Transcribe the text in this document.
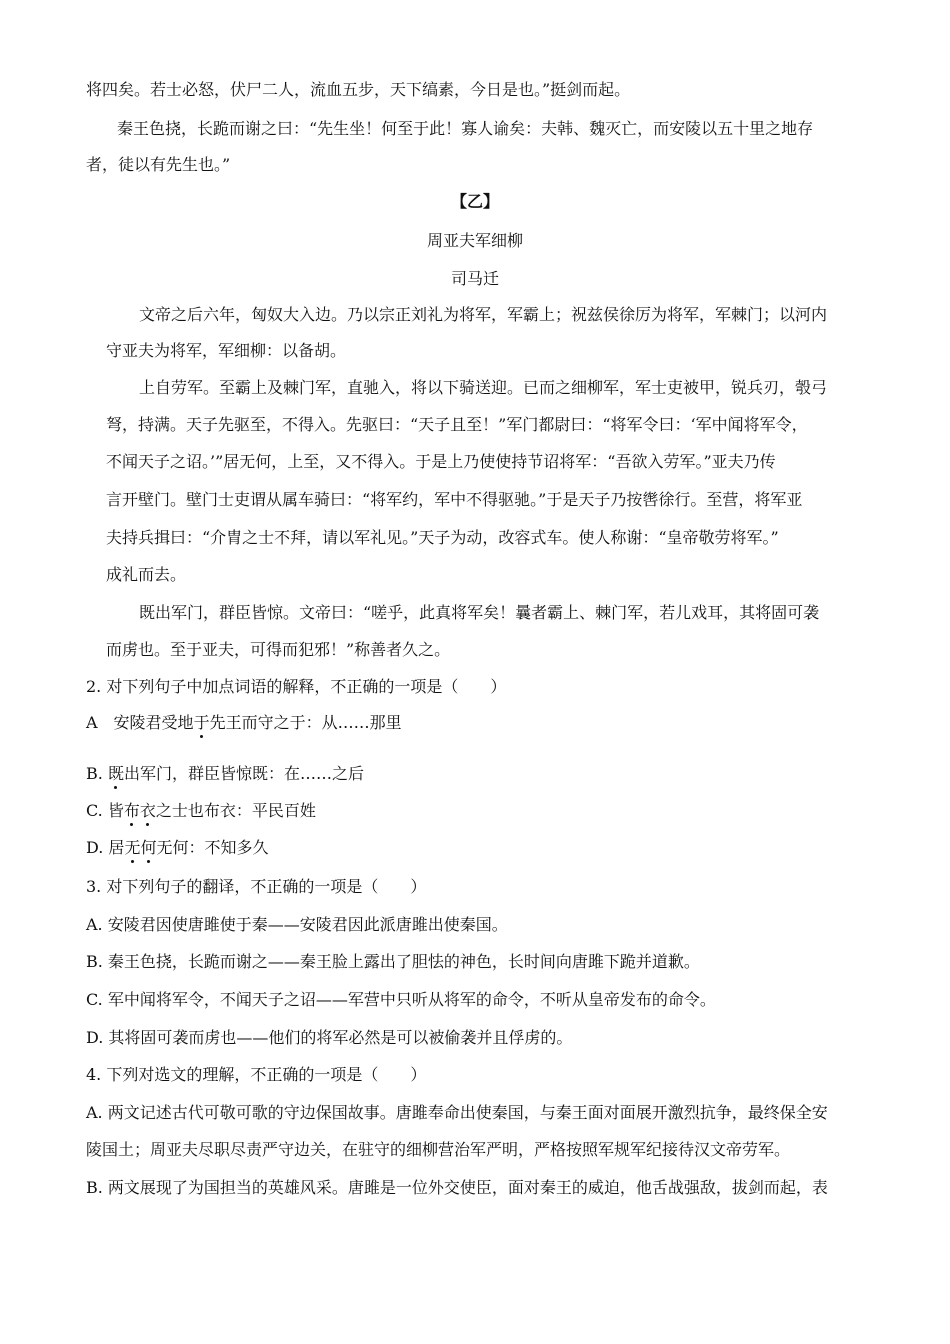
将四矣。若士必怒，伏尸二人，流血五步，天下缟素，今日是也。”挺剑而起。
秦王色挠，长跪而谢之曰：“先生坐！何至于此！寡人谕矣：夫韩、魏灭亡，而安陵以五十里之地存
者，徒以有先生也。”
【乙】
周亚夫军细柳
司马迁
文帝之后六年，匈奴大入边。乃以宗正刘礼为将军，军霸上；祝兹侯徐厉为将军，军棘门；以河内
守亚夫为将军，军细柳：以备胡。
上自劳军。至霸上及棘门军，直驰入，将以下骑送迎。已而之细柳军，军士吏被甲，锐兵刃，彀弓
弩，持满。天子先驱至，不得入。先驱曰：“天子且至！”军门都尉曰：“将军令曰：‘军中闻将军令，
不闻天子之诏。’”居无何，上至，又不得入。于是上乃使使持节诏将军：“吾欲入劳军。”亚夫乃传
言开壁门。壁门士吏谓从属车骑曰：“将军约，军中不得驱驰。”于是天子乃按辔徐行。至营，将军亚
夫持兵揖曰：“介胄之士不拜，请以军礼见。”天子为动，改容式车。使人称谢：“皇帝敬劳将军。”
成礼而去。
既出军门，群臣皆惊。文帝曰：“嗟乎，此真将军矣！曩者霸上、棘门军，若儿戏耳，其将固可袭
而虏也。至于亚夫，可得而犯邪！”称善者久之。
2. 对下列句子中加点词语的解释，不正确的一项是（　　）
A　安陵君受地于先王而守之于：从……那里
B. 既出军门，群臣皆惊既：在……之后
C. 皆布衣之士也布衣：平民百姓
D. 居无何无何：不知多久
3. 对下列句子的翻译，不正确的一项是（　　）
A. 安陵君因使唐雎使于秦——安陵君因此派唐雎出使秦国。
B. 秦王色挠，长跪而谢之——秦王脸上露出了胆怯的神色，长时间向唐雎下跪并道歉。
C. 军中闻将军令，不闻天子之诏——军营中只听从将军的命令，不听从皇帝发布的命令。
D. 其将固可袭而虏也——他们的将军必然是可以被偷袭并且俘虏的。
4. 下列对选文的理解，不正确的一项是（　　）
A. 两文记述古代可敬可歌的守边保国故事。唐雎奉命出使秦国，与秦王面对面展开激烈抗争，最终保全安
陵国土；周亚夫尽职尽责严守边关，在驻守的细柳营治军严明，严格按照军规军纪接待汉文帝劳军。
B. 两文展现了为国担当的英雄风采。唐雎是一位外交使臣，面对秦王的威迫，他舌战强敌，拔剑而起，表
